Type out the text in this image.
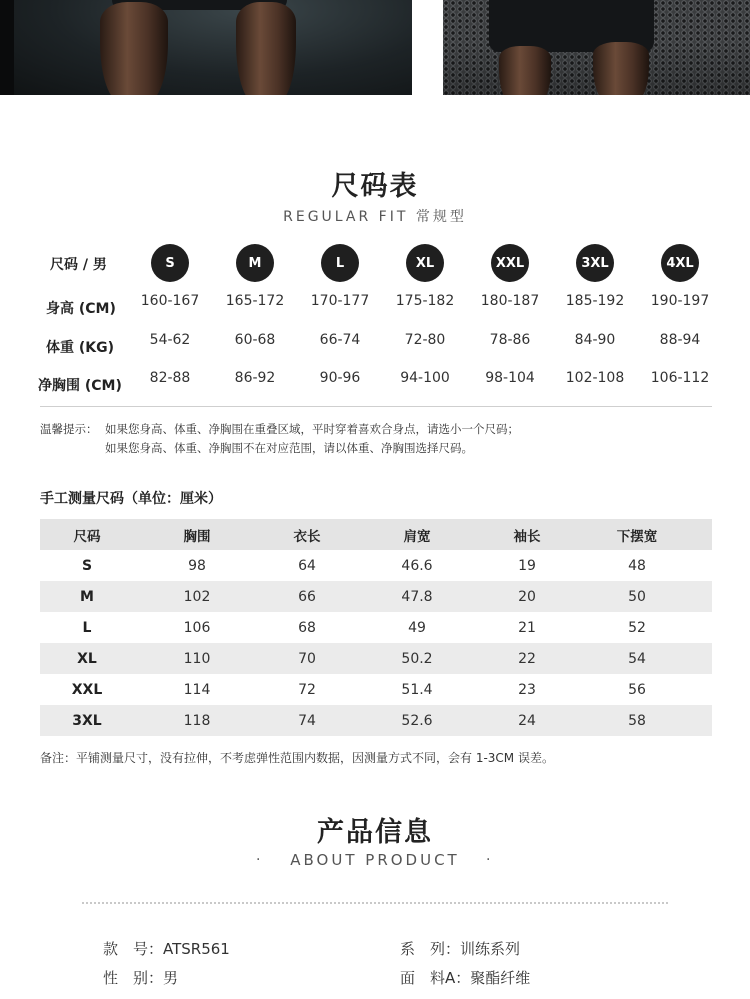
尺码表
REGULAR FIT 常规型
尺码 / 男	S	M	L	XL	XXL	3XL	4XL
身高 (CM)	160-167	165-172	170-177	175-182	180-187	185-192	190-197
体重 (KG)	54-62	60-68	66-74	72-80	78-86	84-90	88-94
净胸围 (CM)	82-88	86-92	90-96	94-100	98-104	102-108	106-112
温馨提示： 如果您身高、体重、净胸围在重叠区域，平时穿着喜欢合身点，请选小一个尺码；
如果您身高、体重、净胸围不在对应范围，请以体重、净胸围选择尺码。
手工测量尺码（单位：厘米）
尺码	胸围	衣长	肩宽	袖长	下摆宽
S	98	64	46.6	19	48
M	102	66	47.8	20	50
L	106	68	49	21	52
XL	110	70	50.2	22	54
XXL	114	72	51.4	23	56
3XL	118	74	52.6	24	58
备注：平铺测量尺寸，没有拉伸，不考虑弹性范围内数据，因测量方式不同，会有 1-3CM 误差。
产品信息
·	ABOUT PRODUCT	·
款　号：ATSR561	系　列：训练系列
性　别：男	面　料A：聚酯纤维
